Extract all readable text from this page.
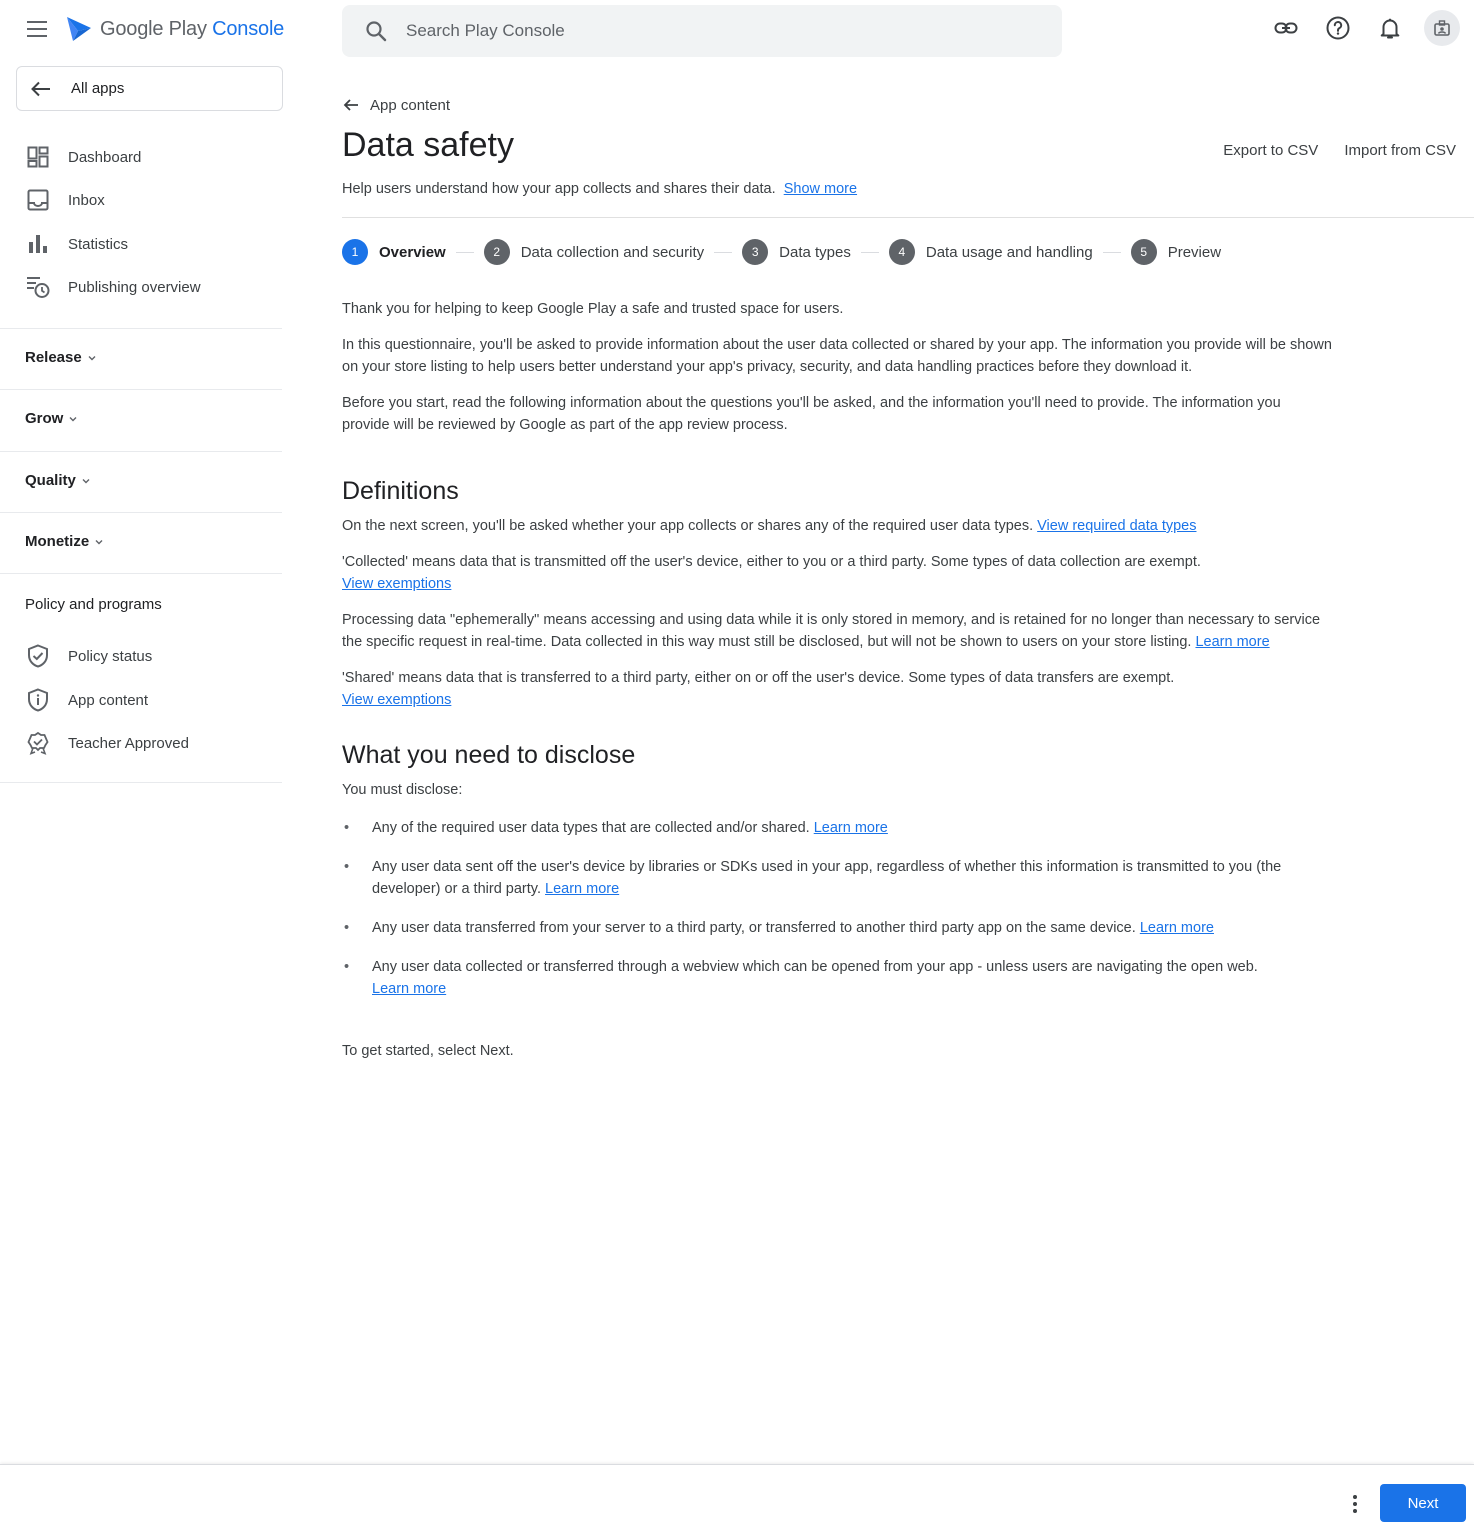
Google Play Console
Search Play Console
All apps
Dashboard
Inbox
Statistics
Publishing overview
Release
Grow
Quality
Monetize
Policy and programs
Policy status
App content
Teacher Approved
App content
Data safety	Export to CSV Import from CSV
Help users understand how your app collects and shares their data. Show more
1	Overview	2	Data collection and security	3	Data types	4	Data usage and handling	5	Preview

Thank you for helping to keep Google Play a safe and trusted space for users.

In this questionnaire, you'll be asked to provide information about the user data collected or shared by your app. The information you provide will be shown on your store listing to help users better understand your app's privacy, security, and data handling practices before they download it.

Before you start, read the following information about the questions you'll be asked, and the information you'll need to provide. The information you provide will be reviewed by Google as part of the app review process.

Definitions

On the next screen, you'll be asked whether your app collects or shares any of the required user data types. View required data types

'Collected' means data that is transmitted off the user's device, either to you or a third party. Some types of data collection are exempt.
View exemptions

Processing data "ephemerally" means accessing and using data while it is only stored in memory, and is retained for no longer than necessary to service the specific request in real-time. Data collected in this way must still be disclosed, but will not be shown to users on your store listing. Learn more

'Shared' means data that is transferred to a third party, either on or off the user's device. Some types of data transfers are exempt.
View exemptions

What you need to disclose

You must disclose:

• Any of the required user data types that are collected and/or shared. Learn more
• Any user data sent off the user's device by libraries or SDKs used in your app, regardless of whether this information is transmitted to you (the developer) or a third party. Learn more
• Any user data transferred from your server to a third party, or transferred to another third party app on the same device. Learn more
• Any user data collected or transferred through a webview which can be opened from your app - unless users are navigating the open web.
Learn more

To get started, select Next.

Next
